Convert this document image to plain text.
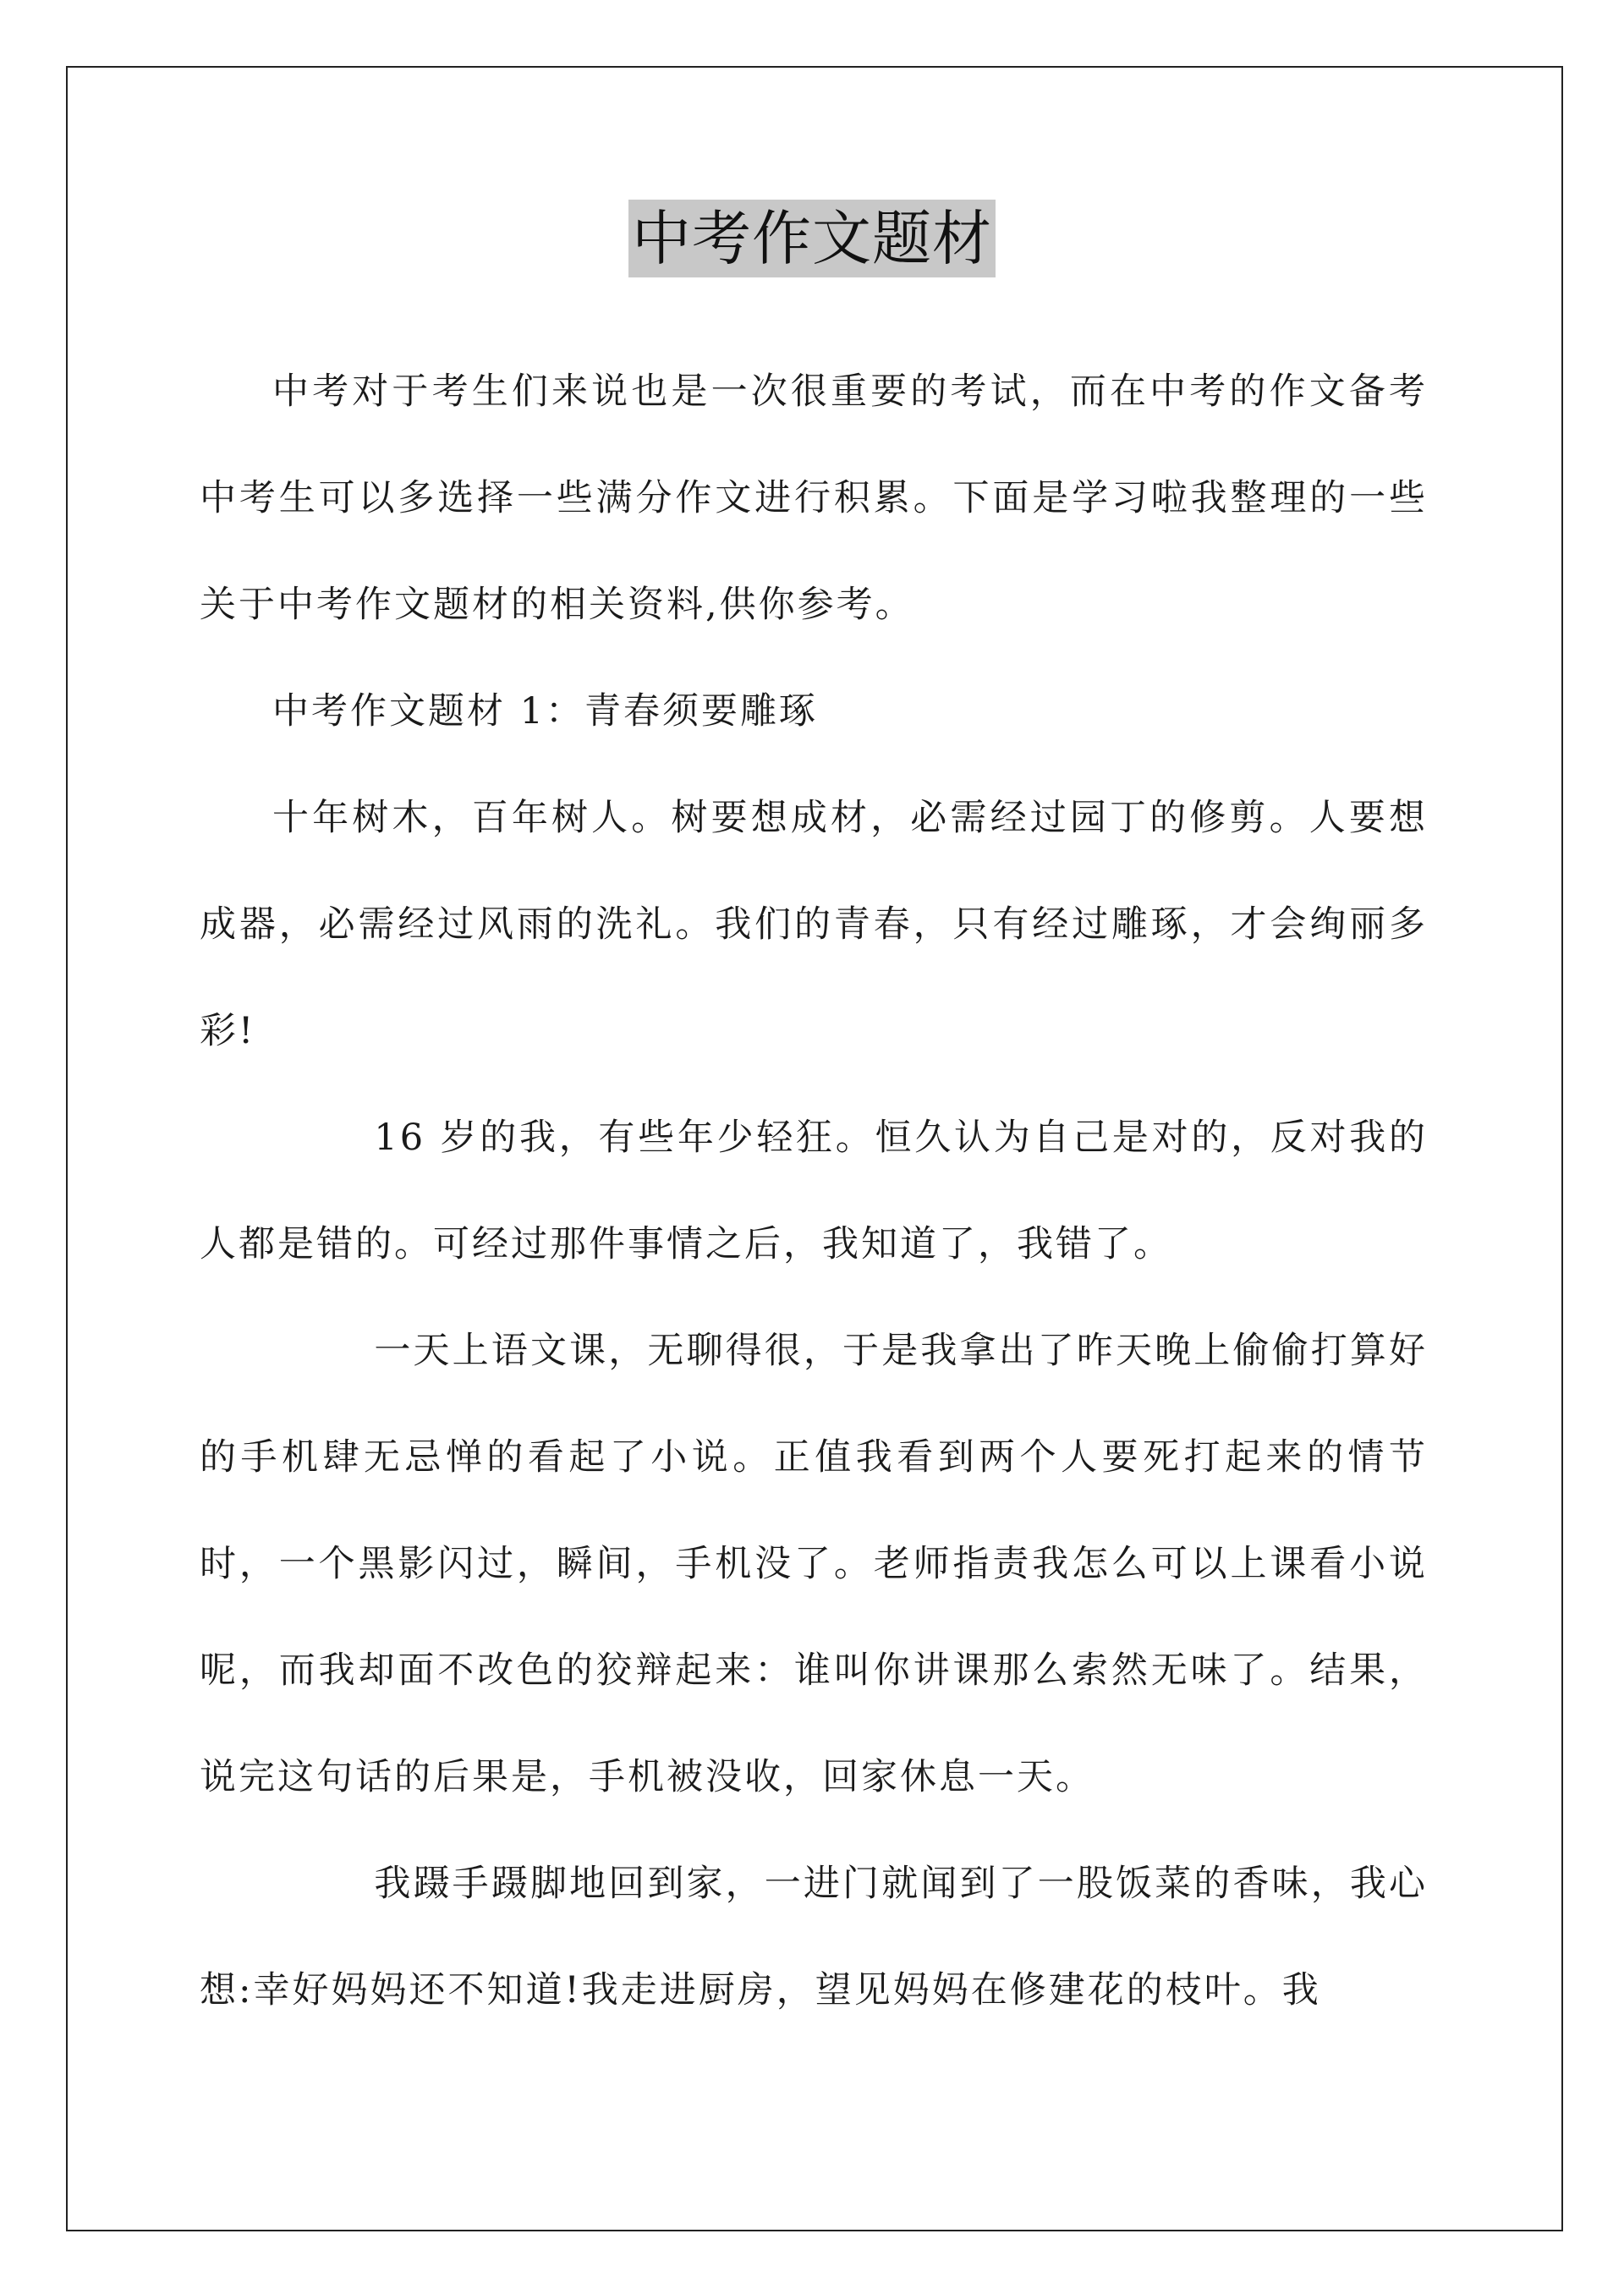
中考作文题材

中考对于考生们来说也是一次很重要的考试，而在中考的作文备考中考生可以多选择一些满分作文进行积累。下面是学习啦我整理的一些关于中考作文题材的相关资料,供你参考。

中考作文题材 1：青春须要雕琢

十年树木，百年树人。树要想成材，必需经过园丁的修剪。人要想成器，必需经过风雨的洗礼。我们的青春，只有经过雕琢，才会绚丽多彩!

16 岁的我，有些年少轻狂。恒久认为自己是对的，反对我的人都是错的。可经过那件事情之后，我知道了，我错了。

一天上语文课，无聊得很，于是我拿出了昨天晚上偷偷打算好的手机肆无忌惮的看起了小说。正值我看到两个人要死打起来的情节时，一个黑影闪过，瞬间，手机没了。老师指责我怎么可以上课看小说呢，而我却面不改色的狡辩起来：谁叫你讲课那么索然无味了。结果，说完这句话的后果是，手机被没收，回家休息一天。

我蹑手蹑脚地回到家，一进门就闻到了一股饭菜的香味，我心想:幸好妈妈还不知道!我走进厨房，望见妈妈在修建花的枝叶。我
